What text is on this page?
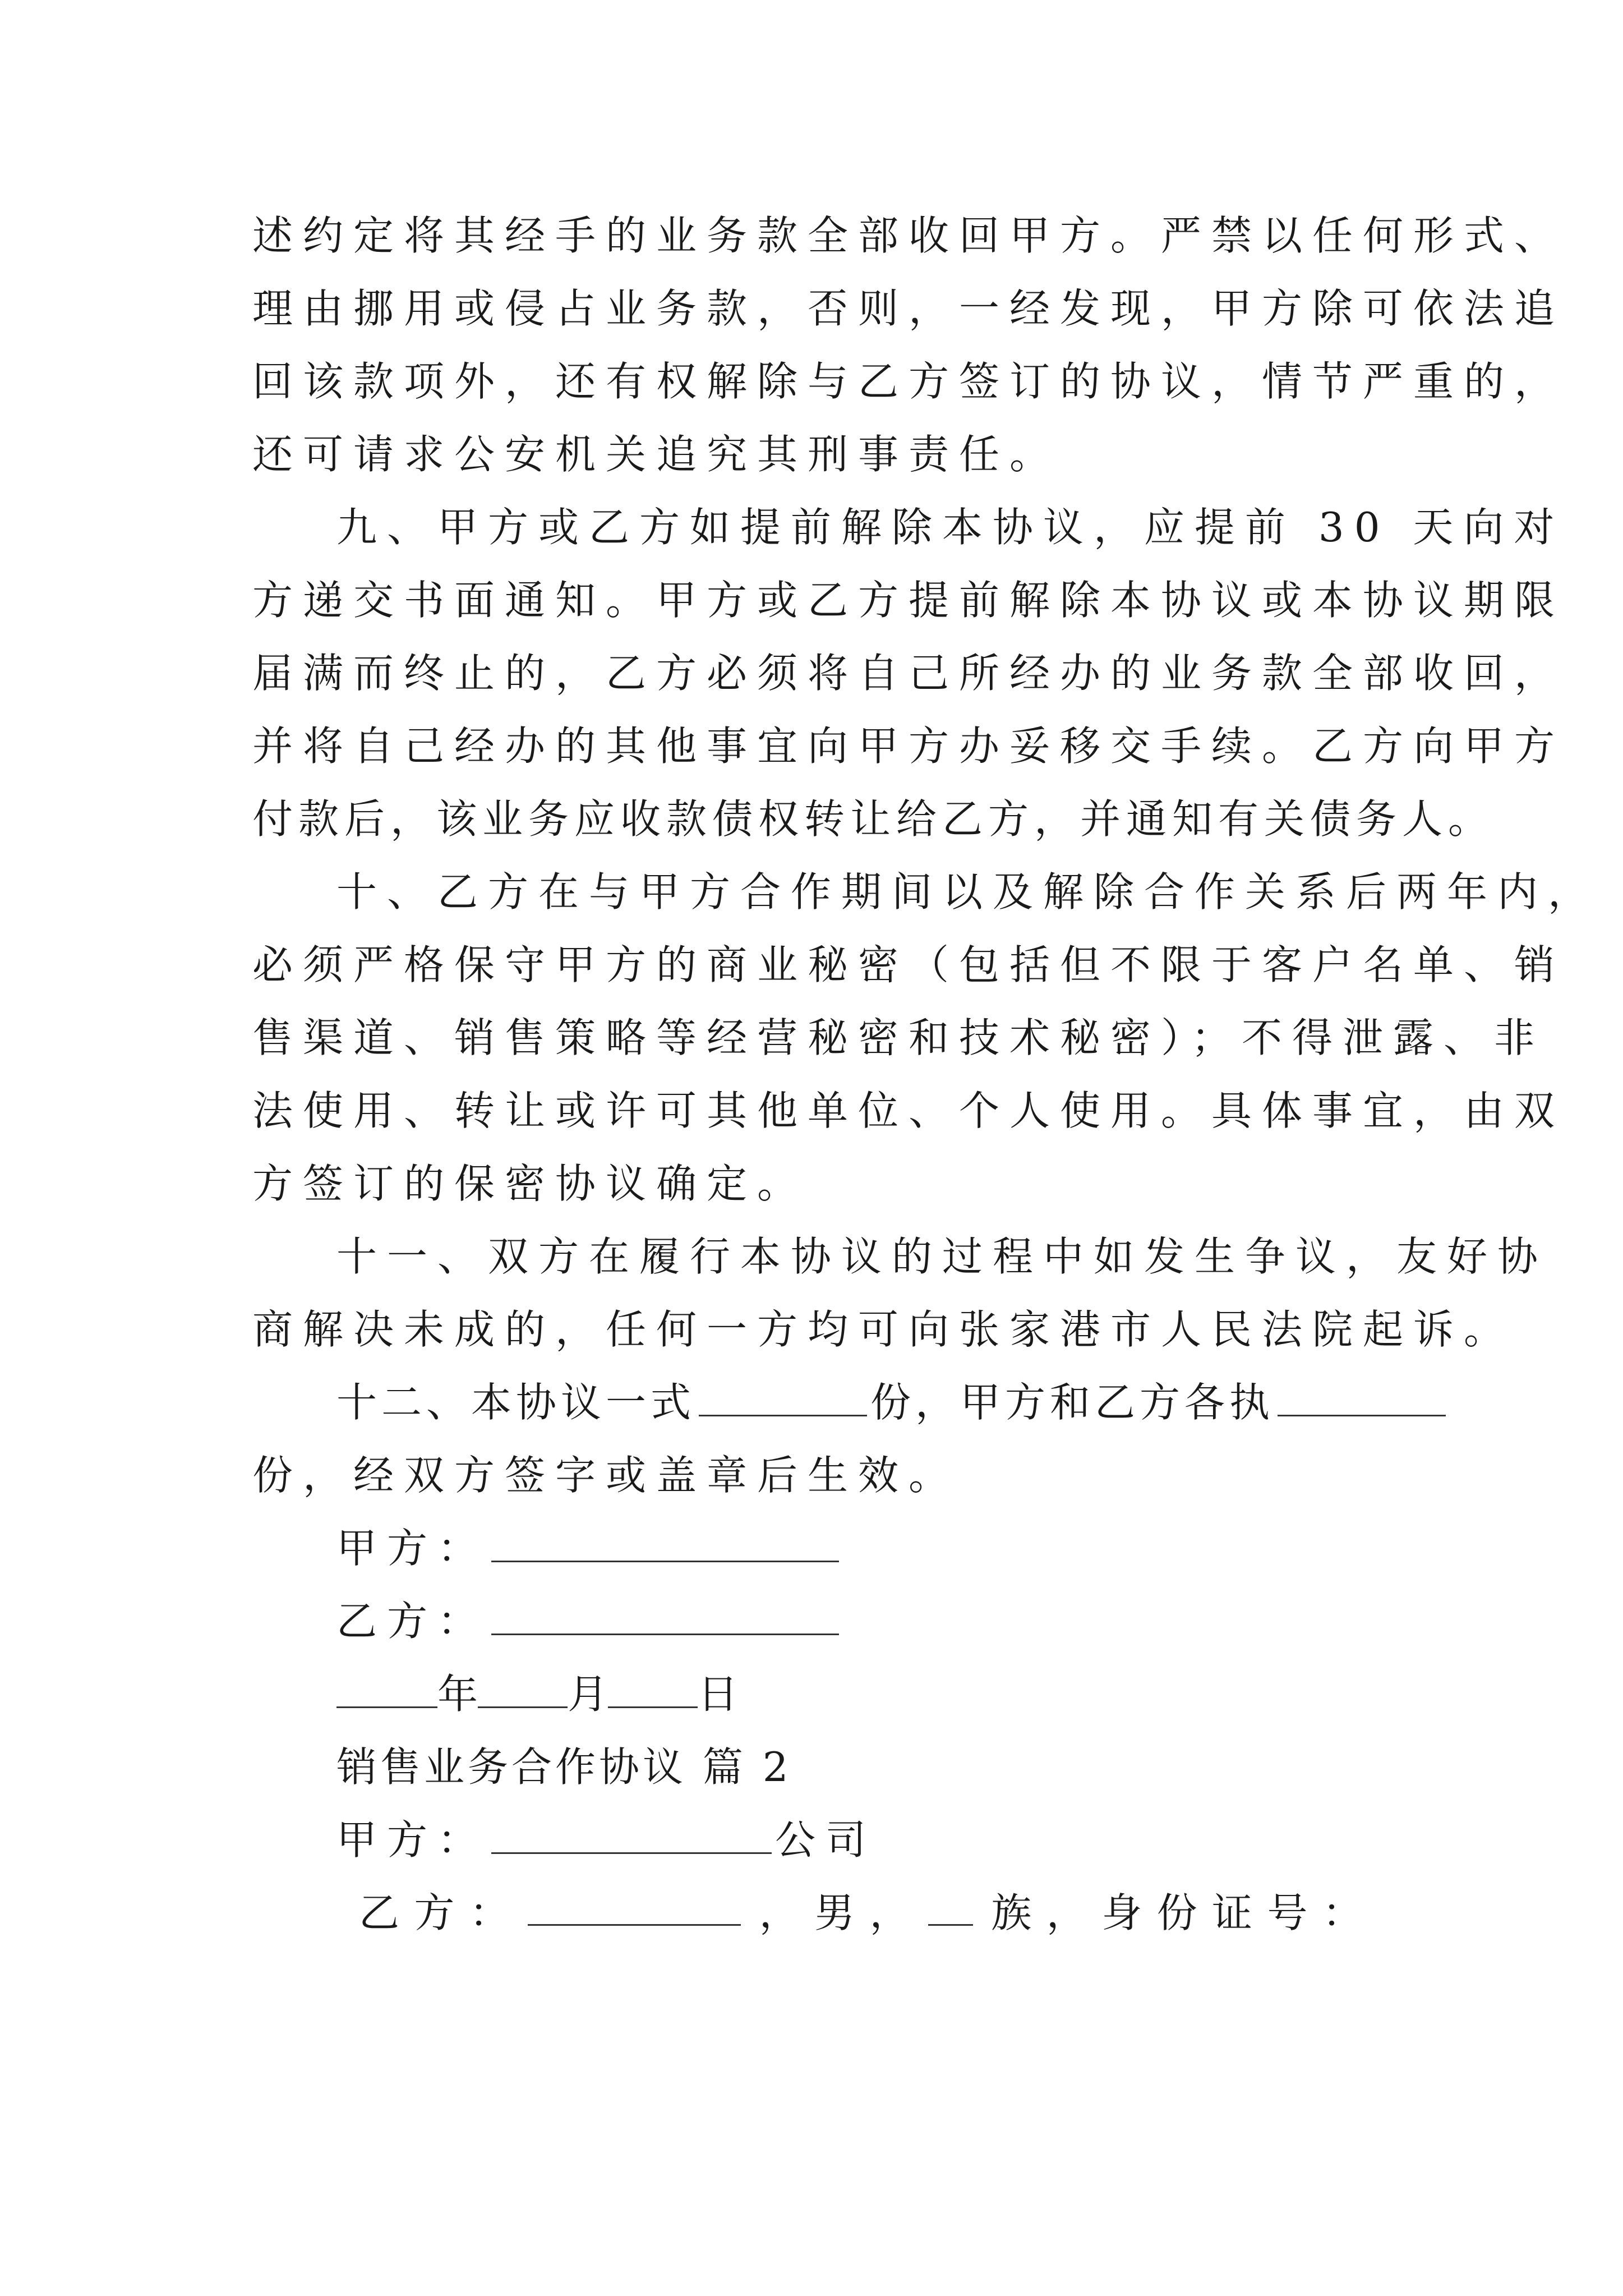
述约定将其经手的业务款全部收回甲方。严禁以任何形式、
理由挪用或侵占业务款，否则，一经发现，甲方除可依法追
回该款项外，还有权解除与乙方签订的协议，情节严重的，
还可请求公安机关追究其刑事责任。
九、甲方或乙方如提前解除本协议，应提前 30 天向对
方递交书面通知。甲方或乙方提前解除本协议或本协议期限
届满而终止的，乙方必须将自己所经办的业务款全部收回，
并将自己经办的其他事宜向甲方办妥移交手续。乙方向甲方
付款后，该业务应收款债权转让给乙方，并通知有关债务人。
十、乙方在与甲方合作期间以及解除合作关系后两年内，
必须严格保守甲方的商业秘密（包括但不限于客户名单、销
售渠道、销售策略等经营秘密和技术秘密）；不得泄露、非
法使用、转让或许可其他单位、个人使用。具体事宜，由双
方签订的保密协议确定。
十一、双方在履行本协议的过程中如发生争议，友好协
商解决未成的，任何一方均可向张家港市人民法院起诉。
十二、本协议一式	份，甲方和乙方各执
份，经双方签字或盖章后生效。
甲方：
乙方：
年 月 日
销售业务合作协议 篇 2
甲方：	公司
乙 方 ：	， 男 ， 族 ， 身 份 证 号 ：
